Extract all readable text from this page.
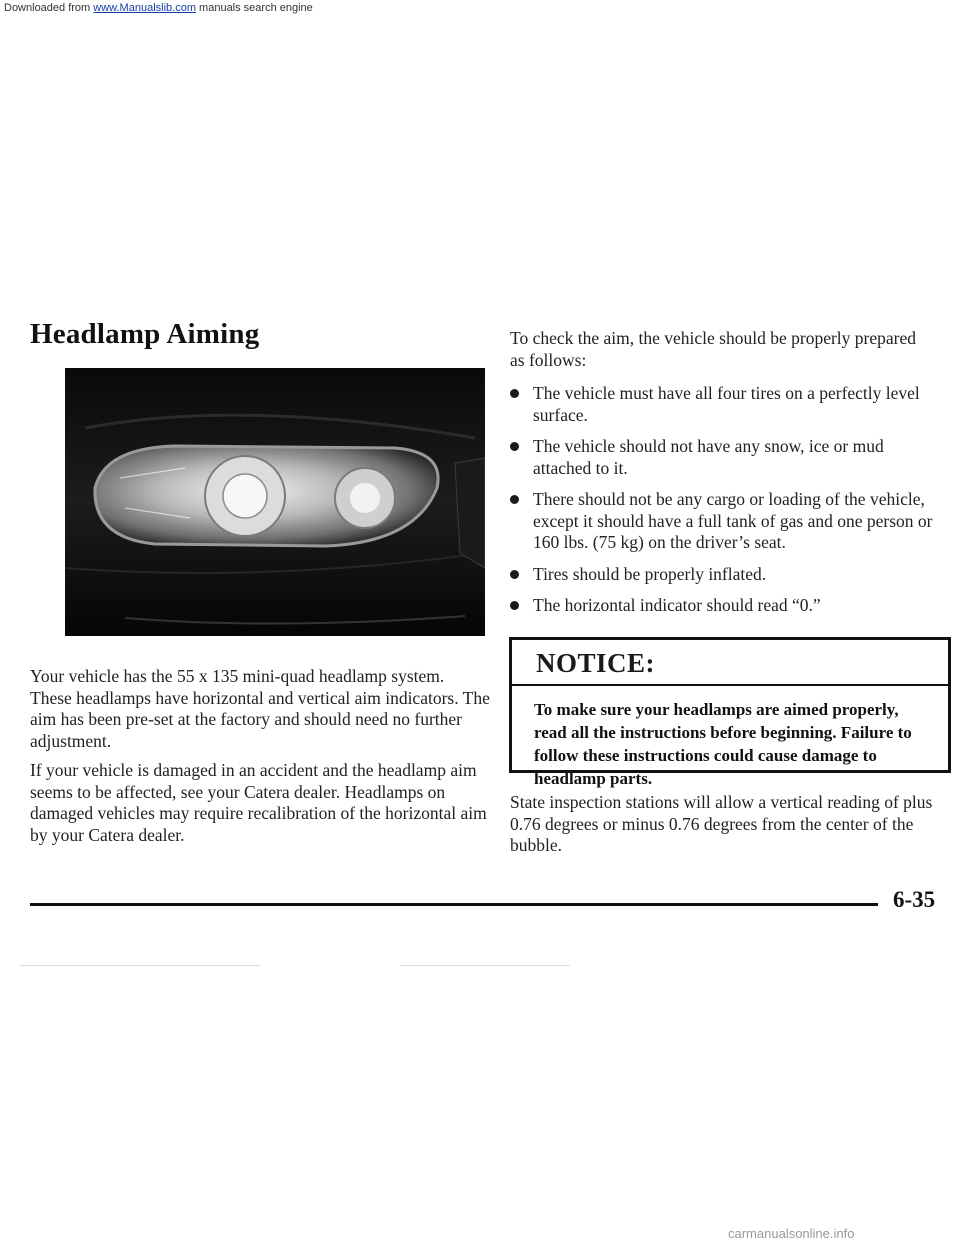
Downloaded from www.Manualslib.com manuals search engine
Headlamp Aiming
Your vehicle has the 55 x 135 mini-quad headlamp system. These headlamps have horizontal and vertical aim indicators. The aim has been pre-set at the factory and should need no further adjustment.
If your vehicle is damaged in an accident and the headlamp aim seems to be affected, see your Catera dealer. Headlamps on damaged vehicles may require recalibration of the horizontal aim by your Catera dealer.
To check the aim, the vehicle should be properly prepared as follows:
The vehicle must have all four tires on a perfectly level surface.
The vehicle should not have any snow, ice or mud attached to it.
There should not be any cargo or loading of the vehicle, except it should have a full tank of gas and one person or 160 lbs. (75 kg) on the driver’s seat.
Tires should be properly inflated.
The horizontal indicator should read “0.”
NOTICE:
To make sure your headlamps are aimed properly, read all the instructions before beginning. Failure to follow these instructions could cause damage to headlamp parts.
State inspection stations will allow a vertical reading of plus 0.76 degrees or minus 0.76 degrees from the center of the bubble.
6-35
carmanualsonline.info
